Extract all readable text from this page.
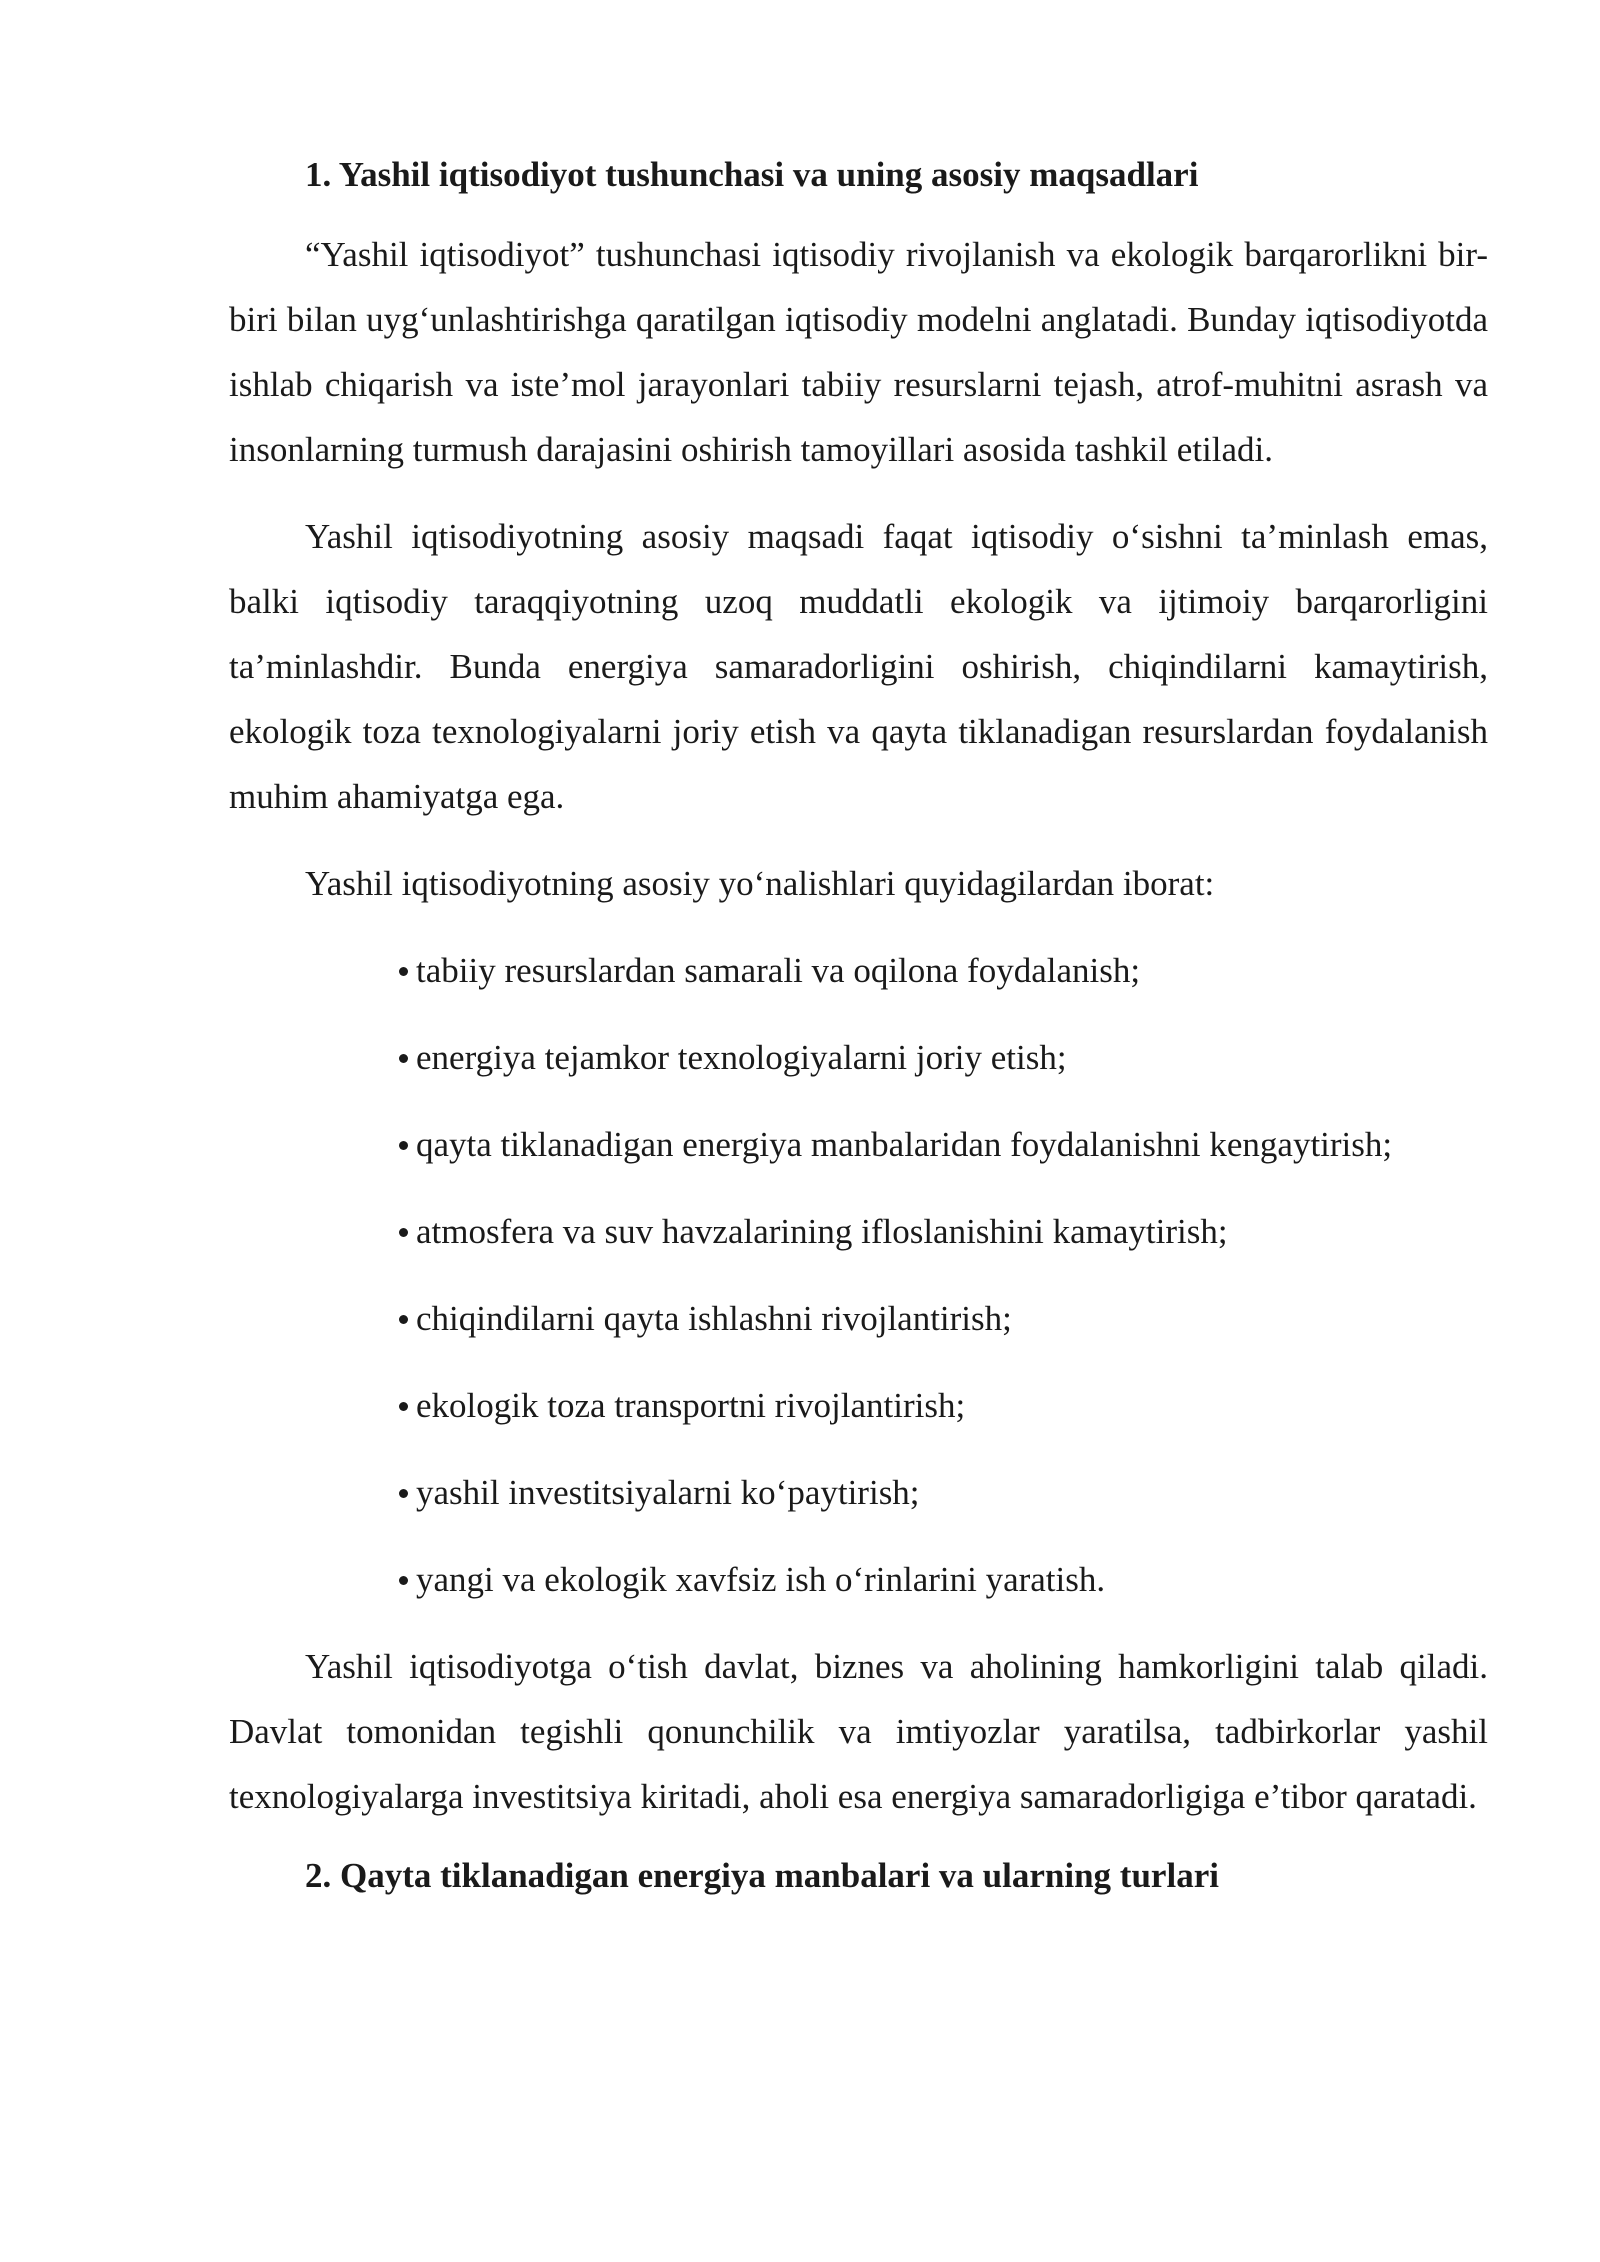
1. Yashil iqtisodiyot tushunchasi va uning asosiy maqsadlari

“Yashil iqtisodiyot” tushunchasi iqtisodiy rivojlanish va ekologik barqarorlikni bir-biri bilan uyg‘unlashtirishga qaratilgan iqtisodiy modelni anglatadi. Bunday iqtisodiyotda ishlab chiqarish va iste’mol jarayonlari tabiiy resurslarni tejash, atrof-muhitni asrash va insonlarning turmush darajasini oshirish tamoyillari asosida tashkil etiladi.

Yashil iqtisodiyotning asosiy maqsadi faqat iqtisodiy o‘sishni ta’minlash emas, balki iqtisodiy taraqqiyotning uzoq muddatli ekologik va ijtimoiy barqarorligini ta’minlashdir. Bunda energiya samaradorligini oshirish, chiqindilarni kamaytirish, ekologik toza texnologiyalarni joriy etish va qayta tiklanadigan resurslardan foydalanish muhim ahamiyatga ega.

Yashil iqtisodiyotning asosiy yo‘nalishlari quyidagilardan iborat:

tabiiy resurslardan samarali va oqilona foydalanish;
energiya tejamkor texnologiyalarni joriy etish;
qayta tiklanadigan energiya manbalaridan foydalanishni kengaytirish;
atmosfera va suv havzalarining ifloslanishini kamaytirish;
chiqindilarni qayta ishlashni rivojlantirish;
ekologik toza transportni rivojlantirish;
yashil investitsiyalarni ko‘paytirish;
yangi va ekologik xavfsiz ish o‘rinlarini yaratish.

Yashil iqtisodiyotga o‘tish davlat, biznes va aholining hamkorligini talab qiladi. Davlat tomonidan tegishli qonunchilik va imtiyozlar yaratilsa, tadbirkorlar yashil texnologiyalarga investitsiya kiritadi, aholi esa energiya samaradorligiga e’tibor qaratadi.

2. Qayta tiklanadigan energiya manbalari va ularning turlari
